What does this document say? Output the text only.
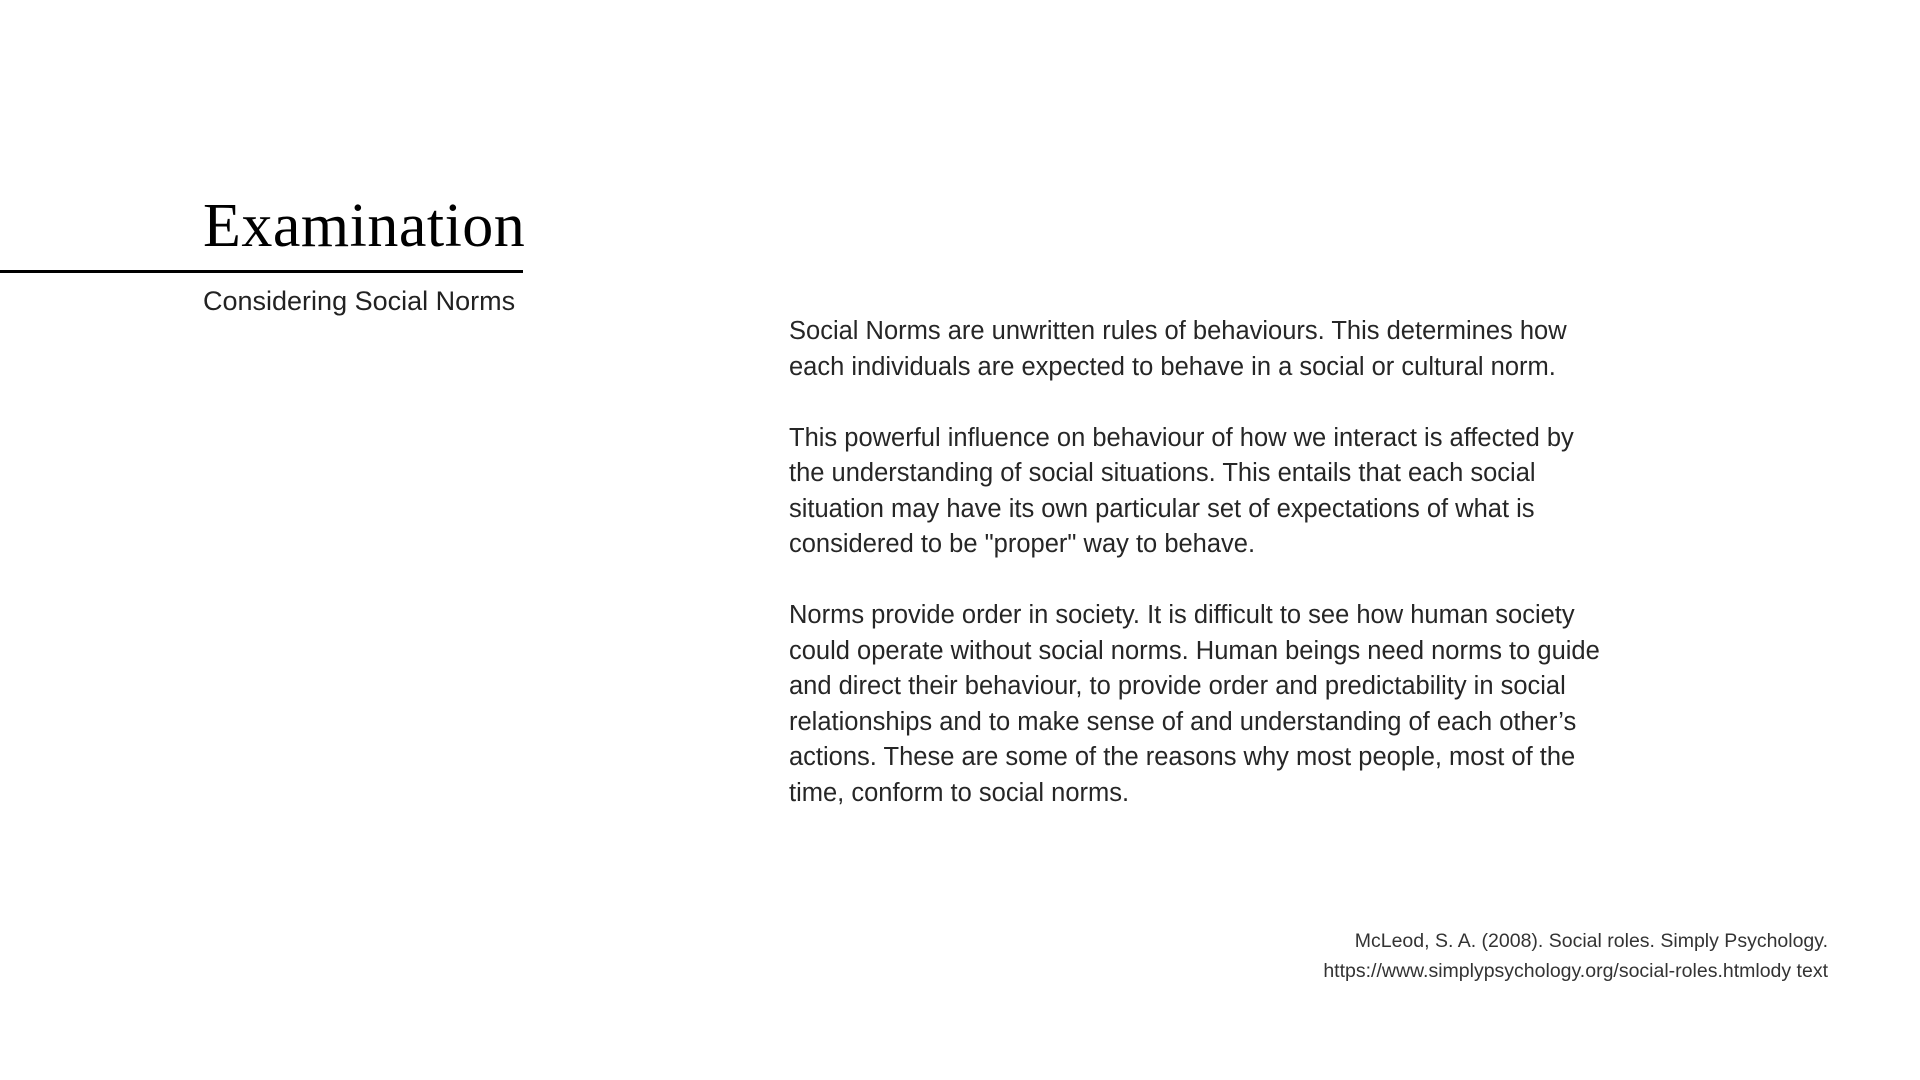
Examination
Considering Social Norms

Social Norms are unwritten rules of behaviours. This determines how each individuals are expected to behave in a social or cultural norm.

This powerful influence on behaviour of how we interact is affected by the understanding of social situations. This entails that each social situation may have its own particular set of expectations of what is considered to be "proper" way to behave.

Norms provide order in society. It is difficult to see how human society could operate without social norms. Human beings need norms to guide and direct their behaviour, to provide order and predictability in social relationships and to make sense of and understanding of each other’s actions. These are some of the reasons why most people, most of the time, conform to social norms.

McLeod, S. A. (2008). Social roles. Simply Psychology.
https://www.simplypsychology.org/social-roles.htmlody text
